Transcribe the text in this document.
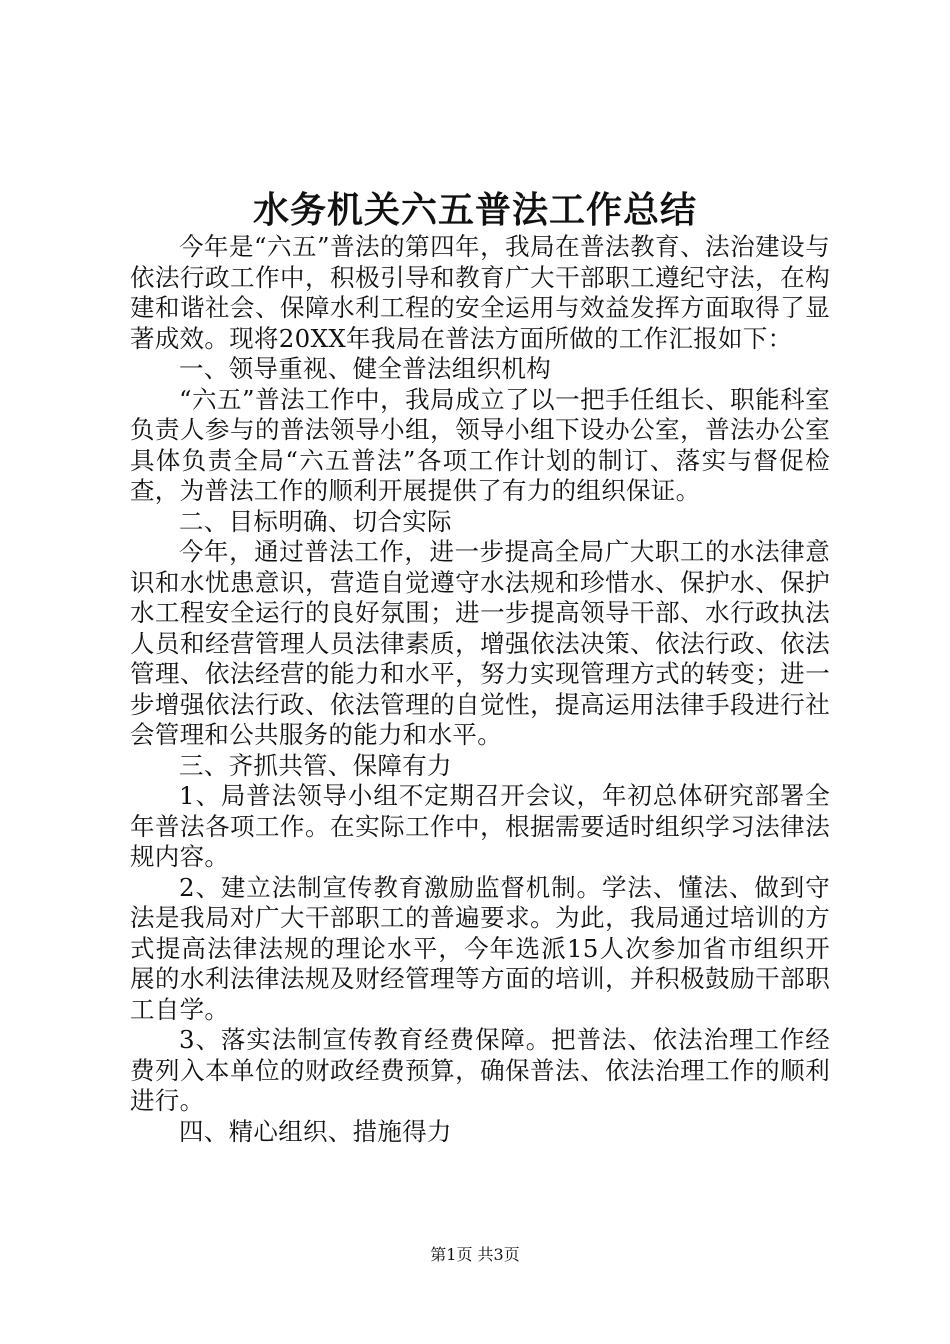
水务机关六五普法工作总结

今年是“六五”普法的第四年，我局在普法教育、法治建设与依法行政工作中，积极引导和教育广大干部职工遵纪守法，在构建和谐社会、保障水利工程的安全运用与效益发挥方面取得了显著成效。现将20XX年我局在普法方面所做的工作汇报如下：

一、领导重视、健全普法组织机构

“六五”普法工作中，我局成立了以一把手任组长、职能科室负责人参与的普法领导小组，领导小组下设办公室，普法办公室具体负责全局“六五普法”各项工作计划的制订、落实与督促检查，为普法工作的顺利开展提供了有力的组织保证。

二、目标明确、切合实际

今年，通过普法工作，进一步提高全局广大职工的水法律意识和水忧患意识，营造自觉遵守水法规和珍惜水、保护水、保护水工程安全运行的良好氛围；进一步提高领导干部、水行政执法人员和经营管理人员法律素质，增强依法决策、依法行政、依法管理、依法经营的能力和水平，努力实现管理方式的转变；进一步增强依法行政、依法管理的自觉性，提高运用法律手段进行社会管理和公共服务的能力和水平。

三、齐抓共管、保障有力

1、局普法领导小组不定期召开会议，年初总体研究部署全年普法各项工作。在实际工作中，根据需要适时组织学习法律法规内容。

2、建立法制宣传教育激励监督机制。学法、懂法、做到守法是我局对广大干部职工的普遍要求。为此，我局通过培训的方式提高法律法规的理论水平，今年选派15人次参加省市组织开展的水利法律法规及财经管理等方面的培训，并积极鼓励干部职工自学。

3、落实法制宣传教育经费保障。把普法、依法治理工作经费列入本单位的财政经费预算，确保普法、依法治理工作的顺利进行。

四、精心组织、措施得力

第1页 共3页
